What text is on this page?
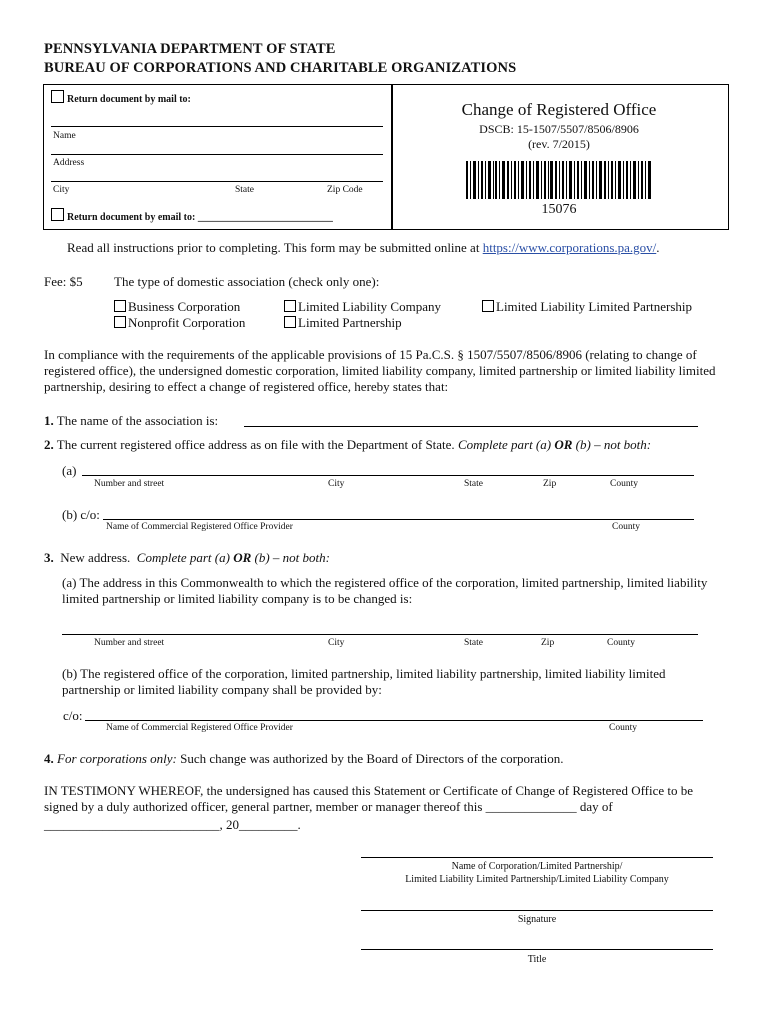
PENNSYLVANIA DEPARTMENT OF STATE
BUREAU OF CORPORATIONS AND CHARITABLE ORGANIZATIONS
Return document by mail to:
Name
Address
City	State	Zip Code
Return document by email to: ___________________________
Change of Registered Office
DSCB: 15-1507/5507/8506/8906
(rev. 7/2015)
15076
Read all instructions prior to completing. This form may be submitted online at https://www.corporations.pa.gov/.
Fee: $5 The type of domestic association (check only one):
Business Corporation	Limited Liability Company	Limited Liability Limited Partnership
Nonprofit Corporation	Limited Partnership
In compliance with the requirements of the applicable provisions of 15 Pa.C.S. § 1507/5507/8506/8906 (relating to change of registered office), the undersigned domestic corporation, limited liability company, limited partnership or limited liability limited partnership, desiring to effect a change of registered office, hereby states that:
1. The name of the association is:
2. The current registered office address as on file with the Department of State. Complete part (a) OR (b) – not both:
(a)
Number and street	City	State	Zip	County
(b) c/o:
Name of Commercial Registered Office Provider	County
3. New address. Complete part (a) OR (b) – not both:
(a) The address in this Commonwealth to which the registered office of the corporation, limited partnership, limited liability limited partnership or limited liability company is to be changed is:
Number and street	City	State	Zip	County
(b) The registered office of the corporation, limited partnership, limited liability partnership, limited liability limited partnership or limited liability company shall be provided by:
c/o:
Name of Commercial Registered Office Provider	County
4. For corporations only: Such change was authorized by the Board of Directors of the corporation.
IN TESTIMONY WHEREOF, the undersigned has caused this Statement or Certificate of Change of Registered Office to be signed by a duly authorized officer, general partner, member or manager thereof this ______________ day of
___________________________, 20_________.
Name of Corporation/Limited Partnership/
Limited Liability Limited Partnership/Limited Liability Company
Signature
Title
